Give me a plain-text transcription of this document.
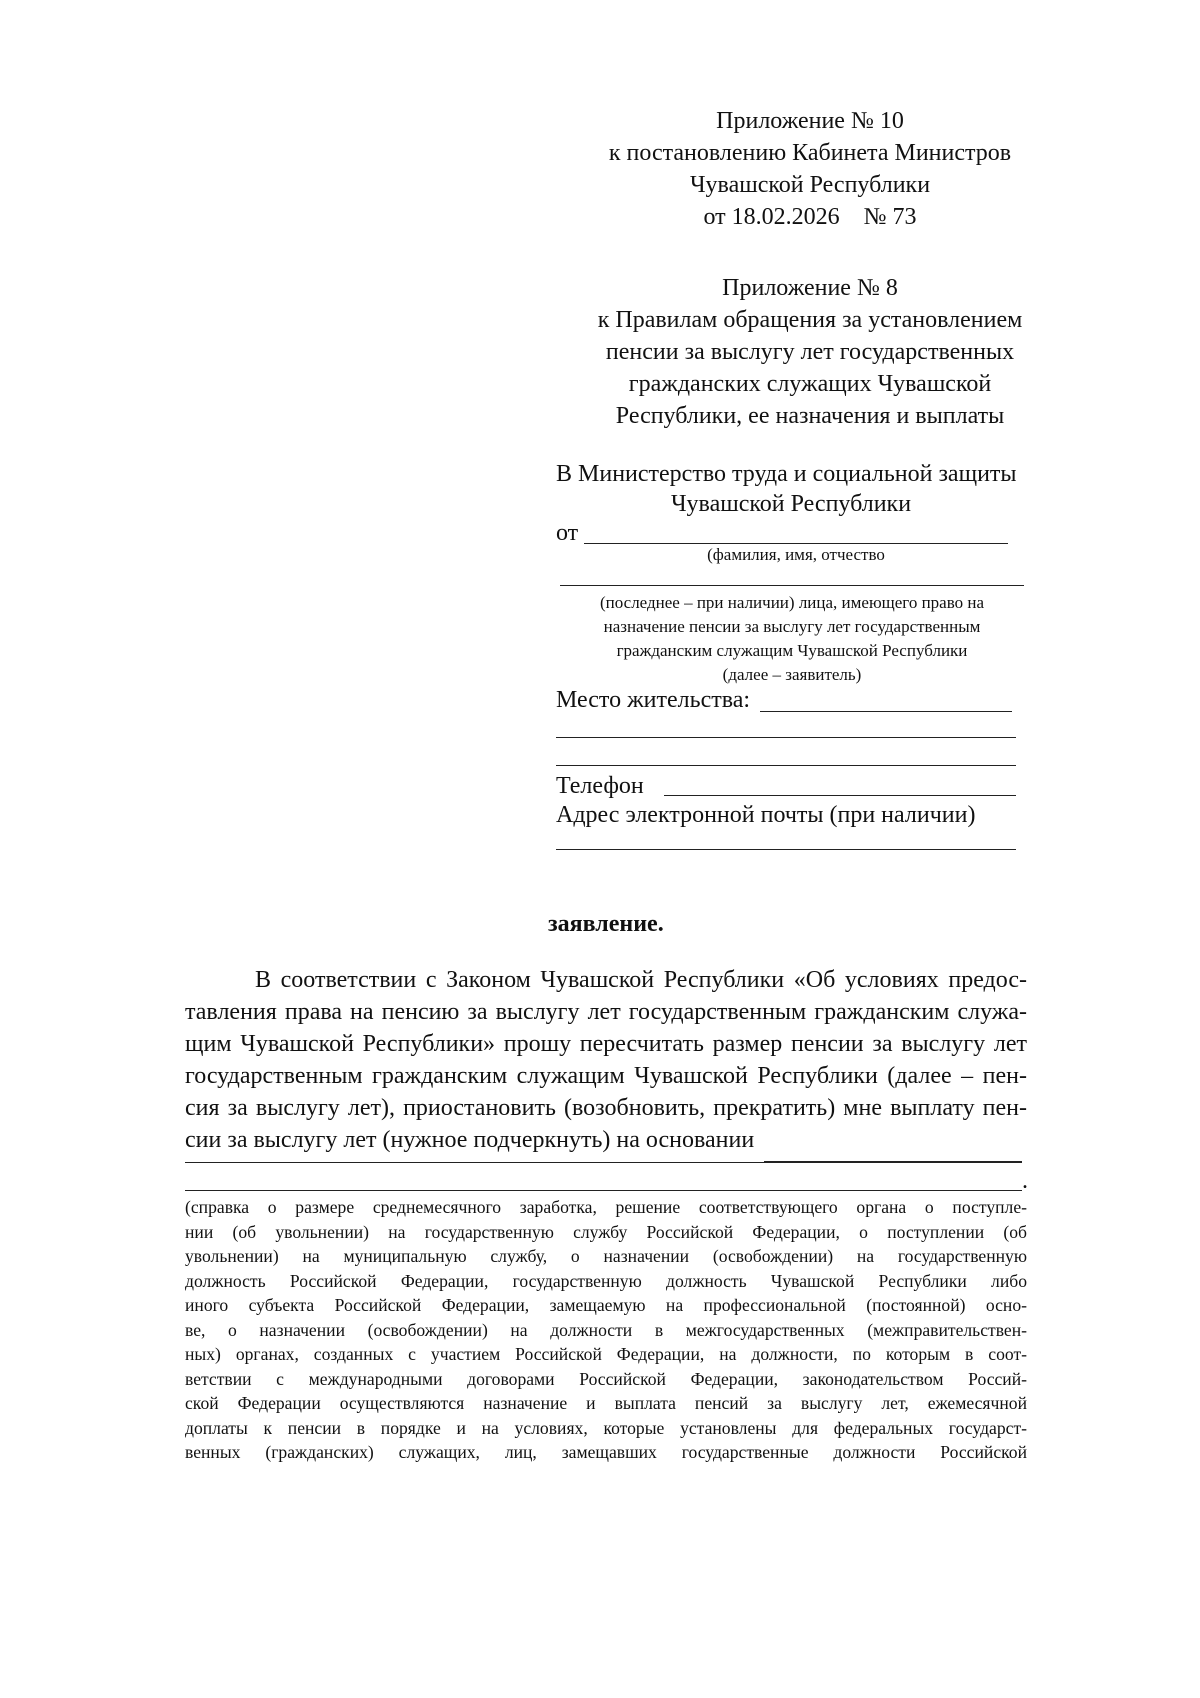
Приложение № 10
к постановлению Кабинета Министров
Чувашской Республики
от 18.02.2026    № 73
Приложение № 8
к Правилам обращения за установлением
пенсии за выслугу лет государственных
гражданских служащих Чувашской
Республики, ее назначения и выплаты
В Министерство труда и социальной защиты
Чувашской Республики
от
(фамилия, имя, отчество
(последнее – при наличии) лица, имеющего право на
назначение пенсии за выслугу лет государственным
гражданским служащим Чувашской Республики
(далее – заявитель)
Место жительства:
Телефон
Адрес электронной почты (при наличии)
заявление.

В соответствии с Законом Чувашской Республики «Об условиях предос-

тавления права на пенсию за выслугу лет государственным гражданским служа-

щим Чувашской Республики» прошу пересчитать размер пенсии за выслугу лет

государственным гражданским служащим Чувашской Республики (далее – пен-

сия за выслугу лет), приостановить (возобновить, прекратить) мне выплату пен-

сии за выслугу лет (нужное подчеркнуть) на основании
.

(справка о размере среднемесячного заработка, решение соответствующего органа о поступле-

нии (об увольнении) на государственную службу Российской Федерации, о поступлении (об

увольнении) на муниципальную службу, о назначении (освобождении) на государственную

должность Российской Федерации, государственную должность Чувашской Республики либо

иного субъекта Российской Федерации, замещаемую на профессиональной (постоянной) осно-

ве, о назначении (освобождении) на должности в межгосударственных (межправительствен-

ных) органах, созданных с участием Российской Федерации, на должности, по которым в соот-

ветствии с международными договорами Российской Федерации, законодательством Россий-

ской Федерации осуществляются назначение и выплата пенсий за выслугу лет, ежемесячной

доплаты к пенсии в порядке и на условиях, которые установлены для федеральных государст-

венных (гражданских) служащих, лиц, замещавших государственные должности Российской
